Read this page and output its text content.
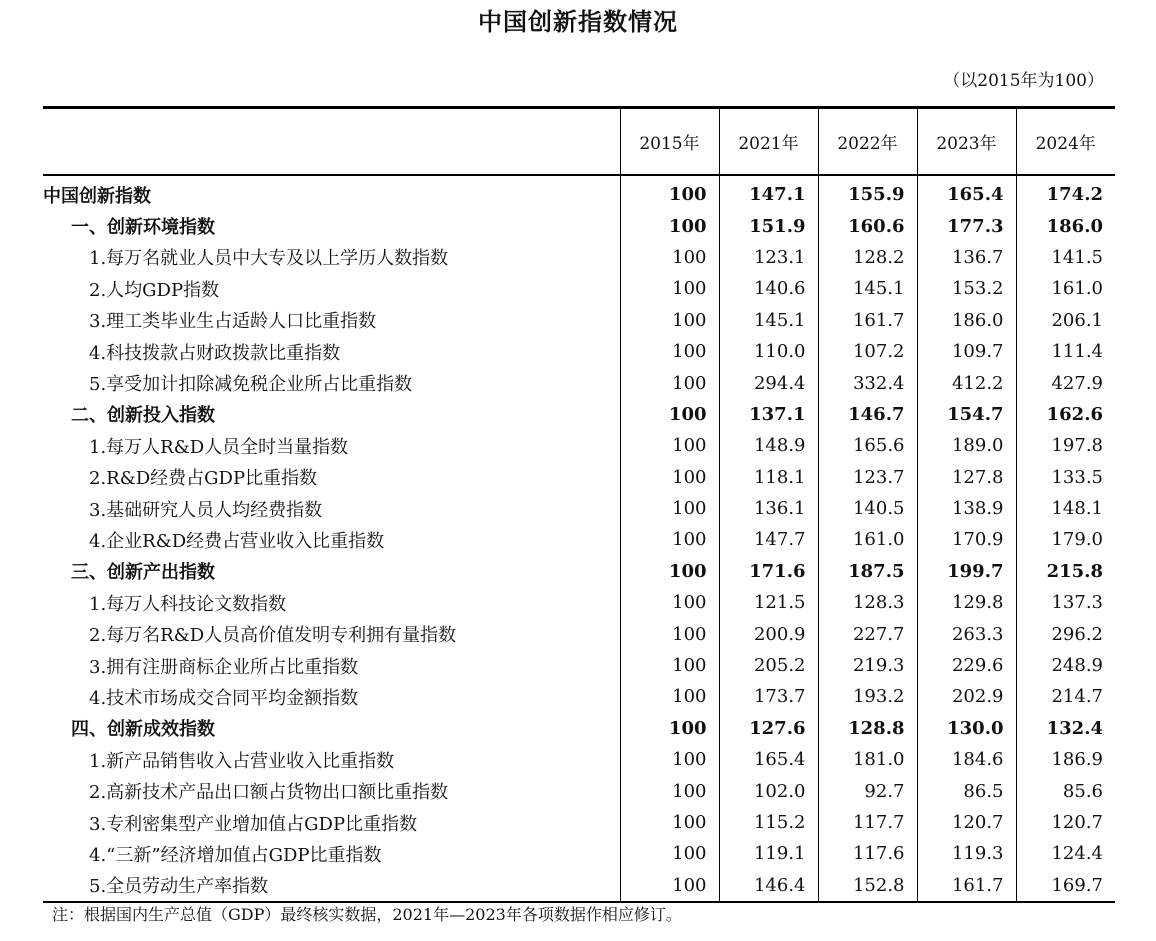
中国创新指数情况
（以2015年为100）
	2015年	2021年	2022年	2023年	2024年
中国创新指数	100	147.1	155.9	165.4	174.2
一、创新环境指数	100	151.9	160.6	177.3	186.0
1.每万名就业人员中大专及以上学历人数指数	100	123.1	128.2	136.7	141.5
2.人均GDP指数	100	140.6	145.1	153.2	161.0
3.理工类毕业生占适龄人口比重指数	100	145.1	161.7	186.0	206.1
4.科技拨款占财政拨款比重指数	100	110.0	107.2	109.7	111.4
5.享受加计扣除减免税企业所占比重指数	100	294.4	332.4	412.2	427.9
二、创新投入指数	100	137.1	146.7	154.7	162.6
1.每万人R&D人员全时当量指数	100	148.9	165.6	189.0	197.8
2.R&D经费占GDP比重指数	100	118.1	123.7	127.8	133.5
3.基础研究人员人均经费指数	100	136.1	140.5	138.9	148.1
4.企业R&D经费占营业收入比重指数	100	147.7	161.0	170.9	179.0
三、创新产出指数	100	171.6	187.5	199.7	215.8
1.每万人科技论文数指数	100	121.5	128.3	129.8	137.3
2.每万名R&D人员高价值发明专利拥有量指数	100	200.9	227.7	263.3	296.2
3.拥有注册商标企业所占比重指数	100	205.2	219.3	229.6	248.9
4.技术市场成交合同平均金额指数	100	173.7	193.2	202.9	214.7
四、创新成效指数	100	127.6	128.8	130.0	132.4
1.新产品销售收入占营业收入比重指数	100	165.4	181.0	184.6	186.9
2.高新技术产品出口额占货物出口额比重指数	100	102.0	92.7	86.5	85.6
3.专利密集型产业增加值占GDP比重指数	100	115.2	117.7	120.7	120.7
4.“三新”经济增加值占GDP比重指数	100	119.1	117.6	119.3	124.4
5.全员劳动生产率指数	100	146.4	152.8	161.7	169.7
注：根据国内生产总值（GDP）最终核实数据，2021年—2023年各项数据作相应修订。
